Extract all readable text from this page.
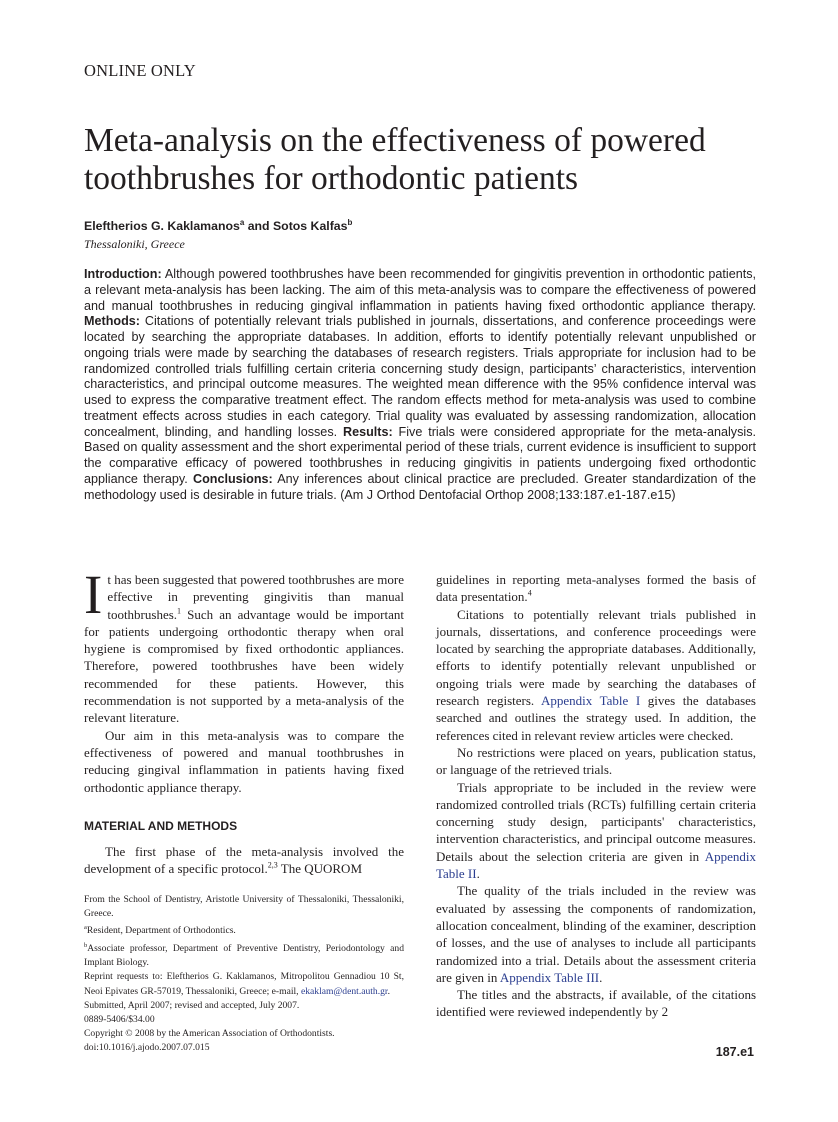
ONLINE ONLY
Meta-analysis on the effectiveness of powered toothbrushes for orthodontic patients
Eleftherios G. Kaklamanos$^a$ and Sotos Kalfas$^b$
Thessaloniki, Greece
Introduction: Although powered toothbrushes have been recommended for gingivitis prevention in orthodontic patients, a relevant meta-analysis has been lacking. The aim of this meta-analysis was to compare the effectiveness of powered and manual toothbrushes in reducing gingival inflammation in patients having fixed orthodontic appliance therapy. Methods: Citations of potentially relevant trials published in journals, dissertations, and conference proceedings were located by searching the appropriate databases. In addition, efforts to identify potentially relevant unpublished or ongoing trials were made by searching the databases of research registers. Trials appropriate for inclusion had to be randomized controlled trials fulfilling certain criteria concerning study design, participants’ characteristics, intervention characteristics, and principal outcome measures. The weighted mean difference with the 95% confidence interval was used to express the comparative treatment effect. The random effects method for meta-analysis was used to combine treatment effects across studies in each category. Trial quality was evaluated by assessing randomization, allocation concealment, blinding, and handling losses. Results: Five trials were considered appropriate for the meta-analysis. Based on quality assessment and the short experimental period of these trials, current evidence is insufficient to support the comparative efficacy of powered toothbrushes in reducing gingivitis in patients undergoing fixed orthodontic appliance therapy. Conclusions: Any inferences about clinical practice are precluded. Greater standardization of the methodology used is desirable in future trials. (Am J Orthod Dentofacial Orthop 2008;133:187.e1-187.e15)

It has been suggested that powered toothbrushes are more effective in preventing gingivitis than manual toothbrushes.$^1$ Such an advantage would be important for patients undergoing orthodontic therapy when oral hygiene is compromised by fixed orthodontic appliances. Therefore, powered toothbrushes have been widely recommended for these patients. However, this recommendation is not supported by a meta-analysis of the relevant literature.

Our aim in this meta-analysis was to compare the effectiveness of powered and manual toothbrushes in reducing gingival inflammation in patients having fixed orthodontic appliance therapy.

MATERIAL AND METHODS

The first phase of the meta-analysis involved the development of a specific protocol.$^{2,3}$ The QUOROM

guidelines in reporting meta-analyses formed the basis of data presentation.$^4$

Citations to potentially relevant trials published in journals, dissertations, and conference proceedings were located by searching the appropriate databases. Additionally, efforts to identify potentially relevant unpublished or ongoing trials were made by searching the databases of research registers. Appendix Table I gives the databases searched and outlines the strategy used. In addition, the references cited in relevant review articles were checked.

No restrictions were placed on years, publication status, or language of the retrieved trials.

Trials appropriate to be included in the review were randomized controlled trials (RCTs) fulfilling certain criteria concerning study design, participants' characteristics, intervention characteristics, and principal outcome measures. Details about the selection criteria are given in Appendix Table II.

The quality of the trials included in the review was evaluated by assessing the components of randomization, allocation concealment, blinding of the examiner, description of losses, and the use of analyses to include all participants randomized into a trial. Details about the assessment criteria are given in Appendix Table III.

The titles and the abstracts, if available, of the citations identified were reviewed independently by 2

From the School of Dentistry, Aristotle University of Thessaloniki, Thessaloniki, Greece.
$^a$Resident, Department of Orthodontics.
$^b$Associate professor, Department of Preventive Dentistry, Periodontology and Implant Biology.
Reprint requests to: Eleftherios G. Kaklamanos, Mitropolitou Gennadiou 10 St, Neoi Epivates GR-57019, Thessaloniki, Greece; e-mail, ekaklam@dent.auth.gr.
Submitted, April 2007; revised and accepted, July 2007.
0889-5406/$34.00
Copyright © 2008 by the American Association of Orthodontists.
doi:10.1016/j.ajodo.2007.07.015	187.e1
